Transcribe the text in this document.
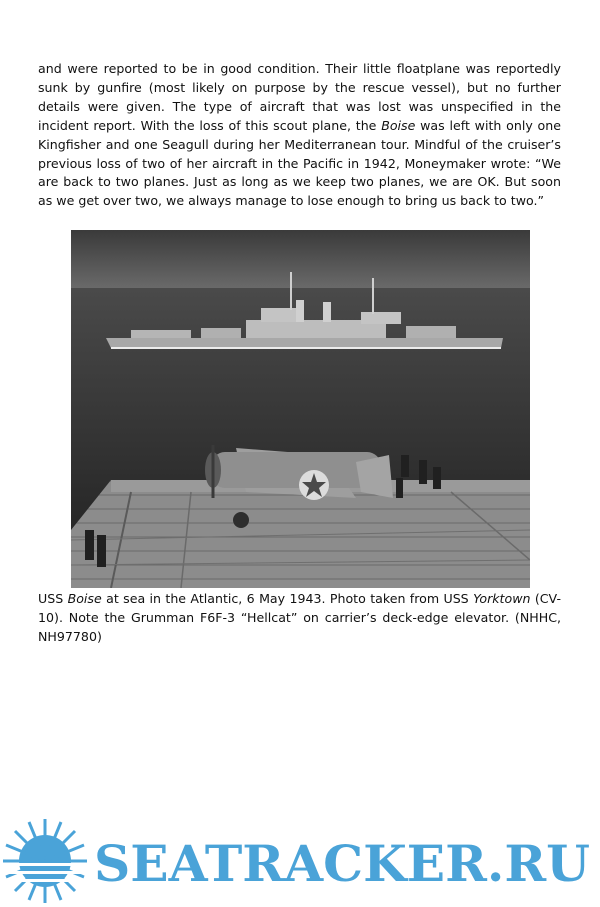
and were reported to be in good condition. Their little floatplane was reportedly sunk by gunfire (most likely on purpose by the rescue vessel), but no further details were given. The type of aircraft that was lost was unspecified in the incident report. With the loss of this scout plane, the Boise was left with only one Kingfisher and one Seagull during her Mediterranean tour. Mindful of the cruiser’s previous loss of two of her aircraft in the Pacific in 1942, Moneymaker wrote: “We are back to two planes. Just as long as we keep two planes, we are OK. But soon as we get over two, we always manage to lose enough to bring us back to two.”

USS Boise at sea in the Atlantic, 6 May 1943. Photo taken from USS Yorktown (CV-10). Note the Grumman F6F-3 “Hellcat” on carrier’s deck-edge elevator. (NHHC, NH97780)

SEATRACKER.RU
